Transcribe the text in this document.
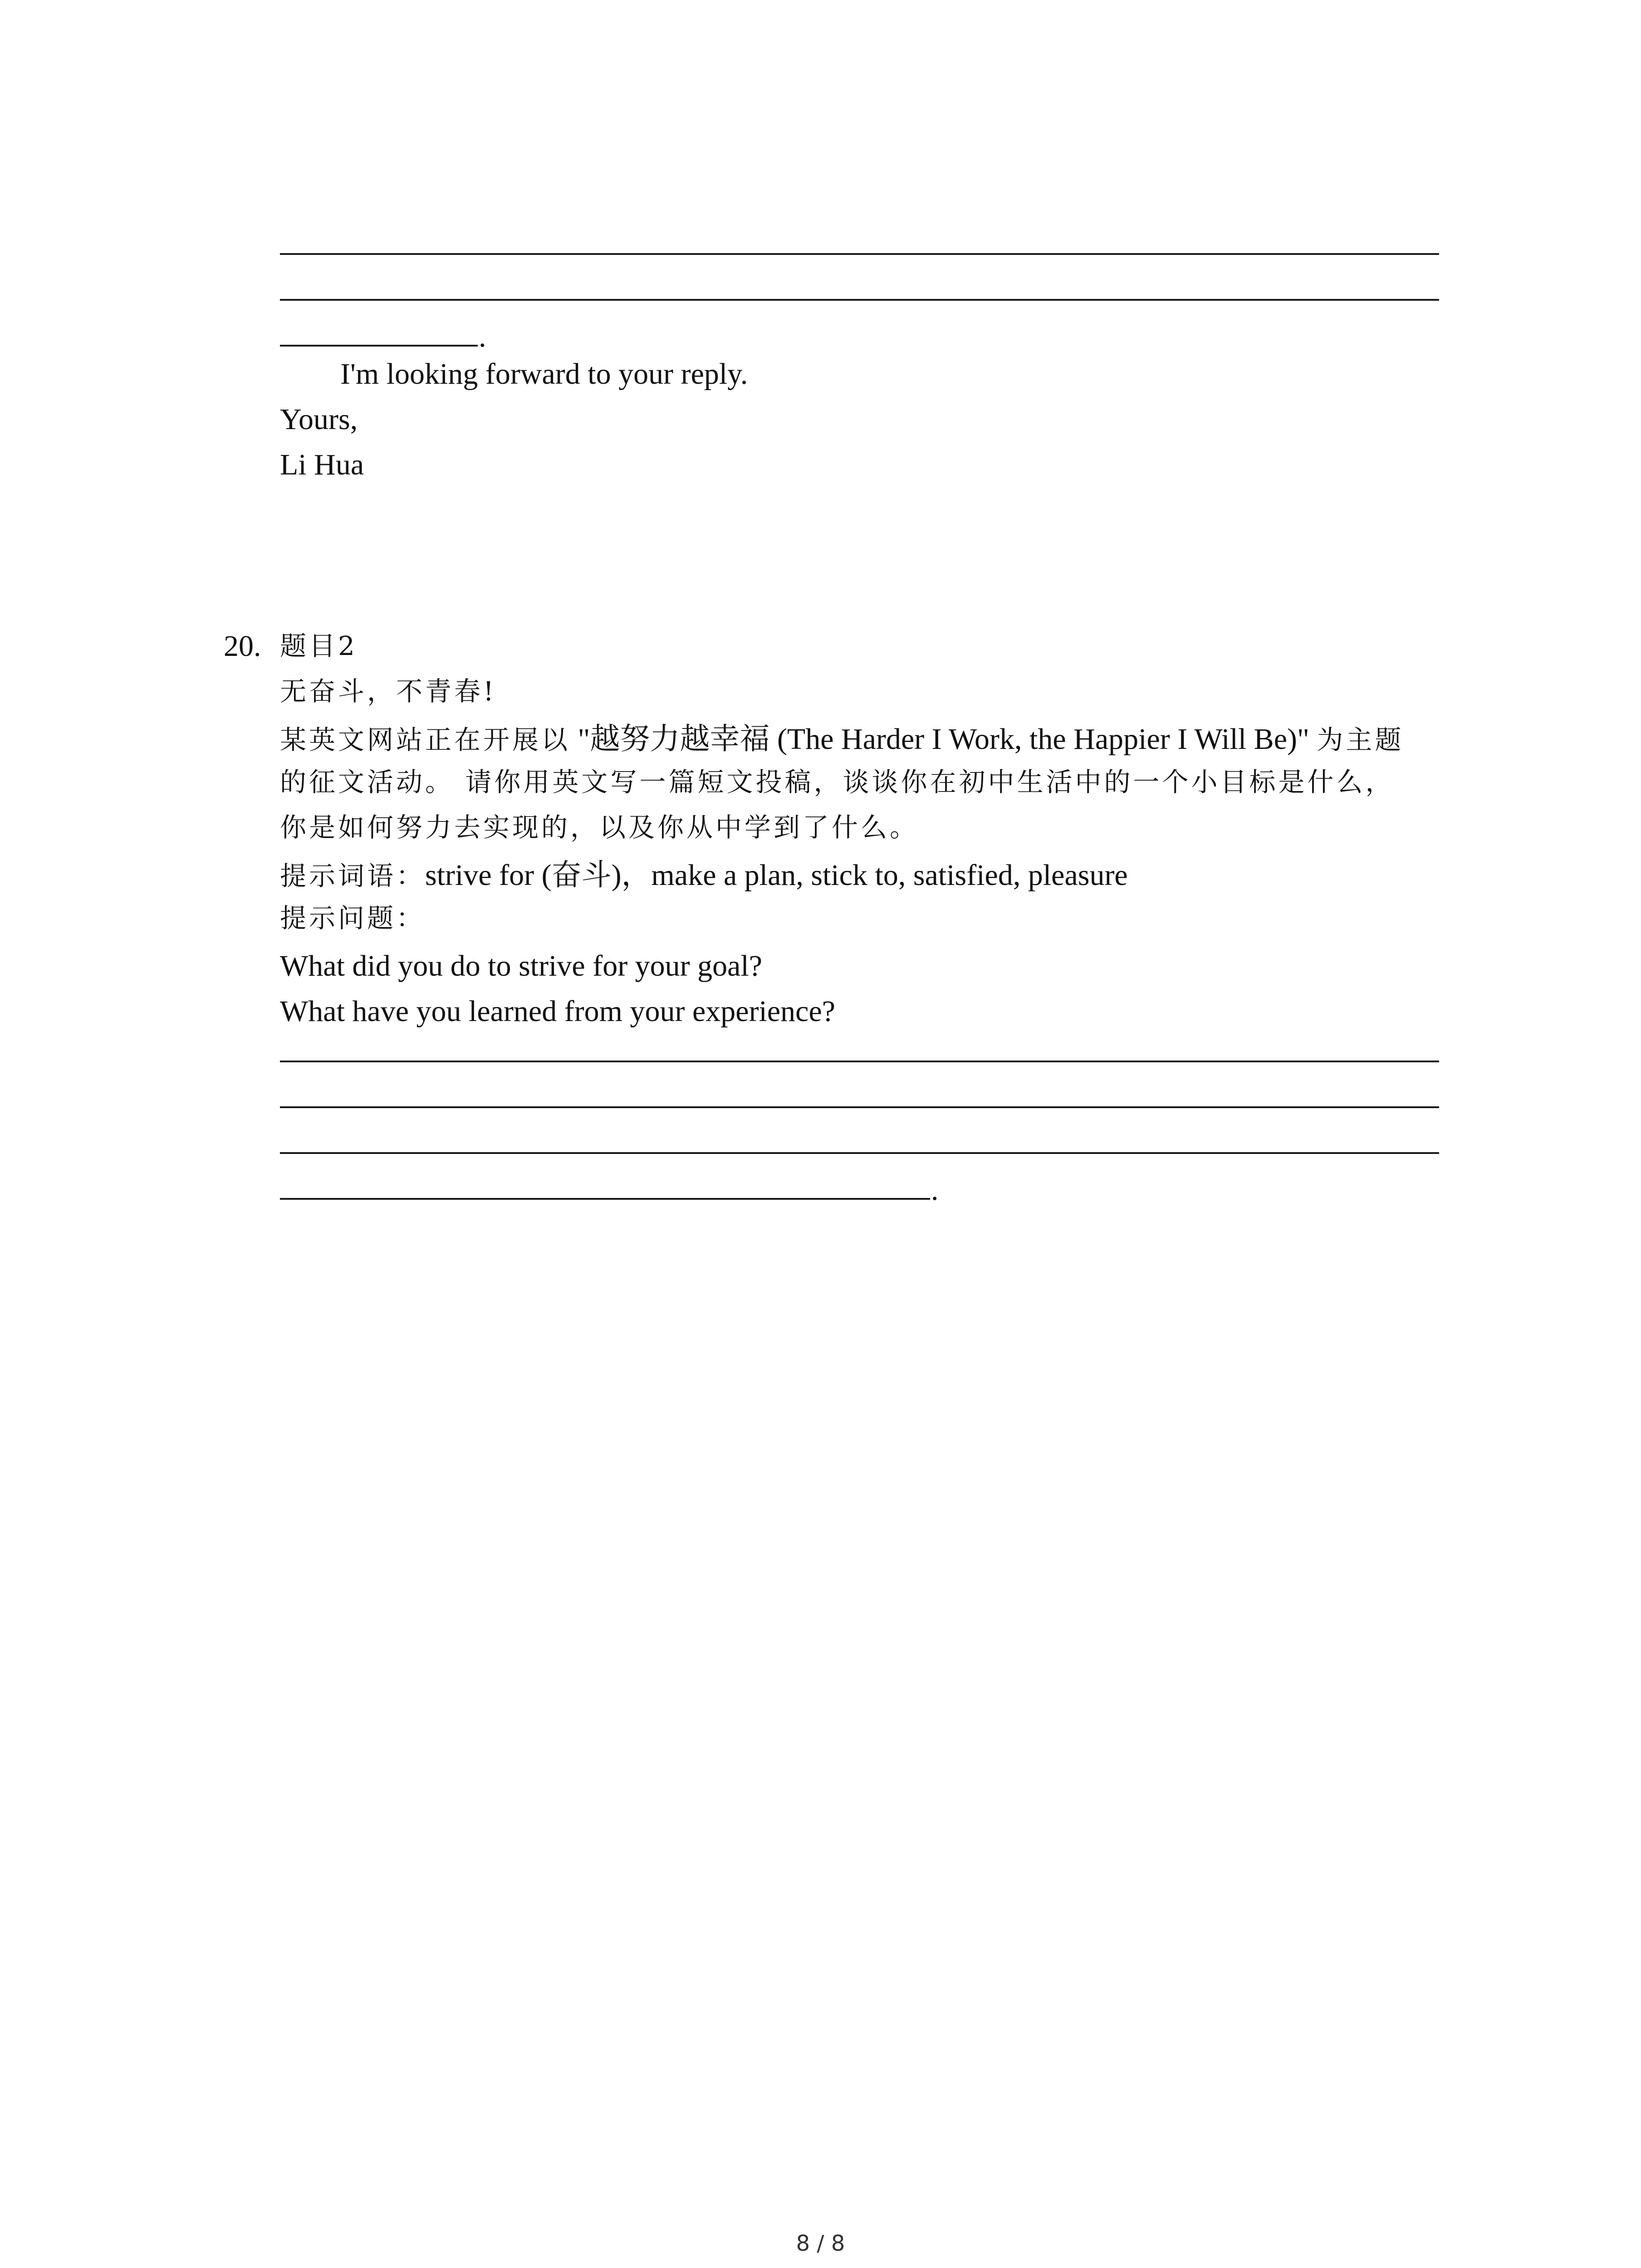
.
I'm looking forward to your reply.
Yours,
Li Hua
20. 题目2
无奋斗，不青春!
某英文网站正在开展以 "越努力越幸福 (The Harder I Work, the Happier I Will Be)" 为主题
的征文活动。 请你用英文写一篇短文投稿，谈谈你在初中生活中的一个小目标是什么，
你是如何努力去实现的，以及你从中学到了什么。
提示词语：strive for (奋斗)，make a plan, stick to, satisfied, pleasure
提示问题：
What did you do to strive for your goal?
What have you learned from your experience?
.
8 / 8
